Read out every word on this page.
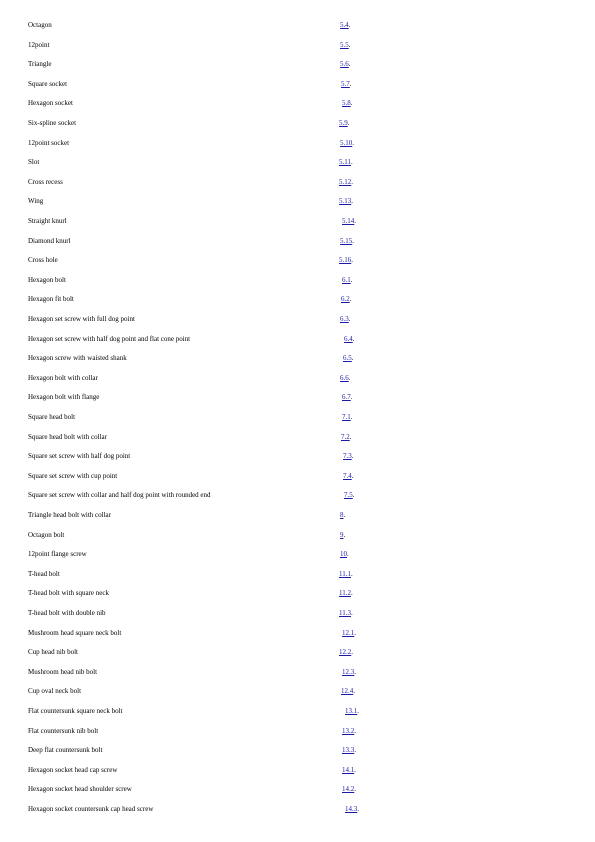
Octagon	5.4.
12point	5.5.
Triangle	5.6.
Square socket	5.7.
Hexagon socket	5.8.
Six-spline socket	5.9.
12point socket	5.10.
Slot	5.11.
Cross recess	5.12.
Wing	5.13.
Straight knurl	5.14.
Diamond knurl	5.15.
Cross hole	5.16.
Hexagon bolt	6.1.
Hexagon fit bolt	6.2.
Hexagon set screw with full dog point	6.3.
Hexagon set screw with half dog point and flat cone point	6.4.
Hexagon screw with waisted shank	6.5.
Hexagon bolt with collar	6.6.
Hexagon bolt with flange	6.7.
Square head bolt	7.1.
Square head bolt with collar	7.2.
Square set screw with half dog point	7.3.
Square set screw with cup point	7.4.
Square set screw with collar and half dog point with rounded end	7.5.
Triangle head bolt with collar	8.
Octagon bolt	9.
12point flange screw	10.
T-head bolt	11.1.
T-head bolt with square neck	11.2.
T-head bolt with double nib	11.3.
Mushroom head square neck bolt	12.1.
Cup head nib bolt	12.2.
Mushroom head nib bolt	12.3.
Cup oval neck bolt	12.4.
Flat countersunk square neck bolt	13.1.
Flat countersunk nib bolt	13.2.
Deep flat countersunk bolt	13.3.
Hexagon socket head cap screw	14.1.
Hexagon socket head shoulder screw	14.2.
Hexagon socket countersunk cap head screw	14.3.
